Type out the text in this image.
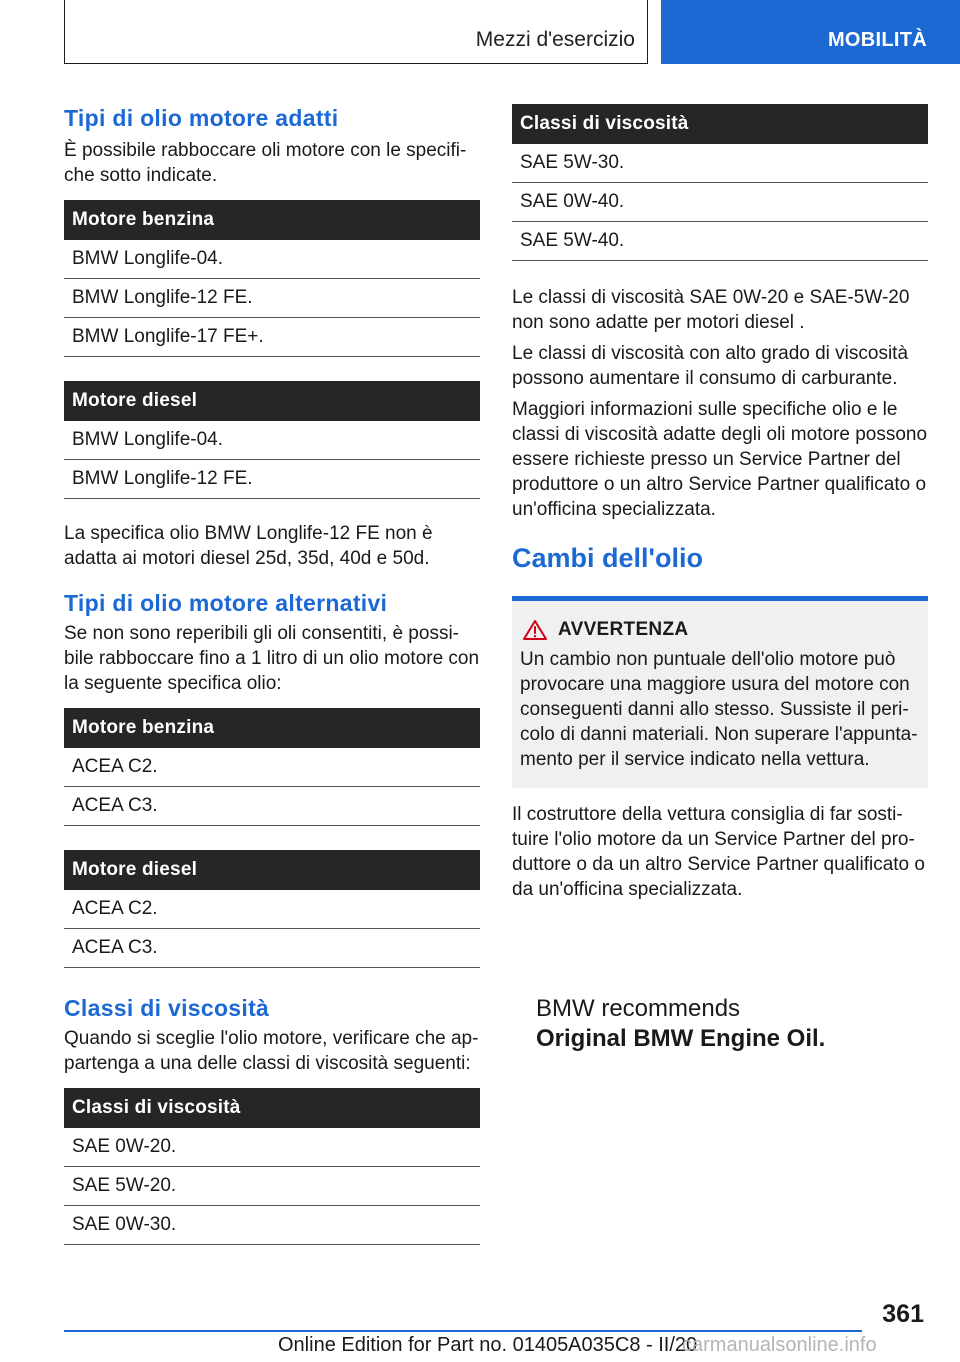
Mezzi d'esercizio	MOBILITÀ
Tipi di olio motore adatti

È possibile rabboccare oli motore con le specifiche sotto indicate.

Motore benzina
BMW Longlife-04.
BMW Longlife-12 FE.
BMW Longlife-17 FE+.
Motore diesel
BMW Longlife-04.
BMW Longlife-12 FE.

La specifica olio BMW Longlife-12 FE non è adatta ai motori diesel 25d, 35d, 40d e 50d.

Tipi di olio motore alternativi

Se non sono reperibili gli oli consentiti, è possibile rabboccare fino a 1 litro di un olio motore con la seguente specifica olio:

Motore benzina
ACEA C2.
ACEA C3.
Motore diesel
ACEA C2.
ACEA C3.
Classi di viscosità

Quando si sceglie l'olio motore, verificare che appartenga a una delle classi di viscosità seguenti:

Classi di viscosità
SAE 0W-20.
SAE 5W-20.
SAE 0W-30.
Classi di viscosità
SAE 5W-30.
SAE 0W-40.
SAE 5W-40.

Le classi di viscosità SAE 0W-20 e SAE-5W-20 non sono adatte per motori diesel .

Le classi di viscosità con alto grado di viscosità possono aumentare il consumo di carburante.

Maggiori informazioni sulle specifiche olio e le classi di viscosità adatte degli oli motore possono essere richieste presso un Service Partner del produttore o un altro Service Partner qualificato o un'officina specializzata.

Cambi dell'olio
AVVERTENZA
Un cambio non puntuale dell'olio motore può provocare una maggiore usura del motore con conseguenti danni allo stesso. Sussiste il pericolo di danni materiali. Non superare l'appuntamento per il service indicato nella vettura.

Il costruttore della vettura consiglia di far sostituire l'olio motore da un Service Partner del produttore o da un altro Service Partner qualificato o da un'officina specializzata.

BMW recommends
Original BMW Engine Oil.
361
Online Edition for Part no. 01405A035C8 - II/20
carmanualsonline.info
